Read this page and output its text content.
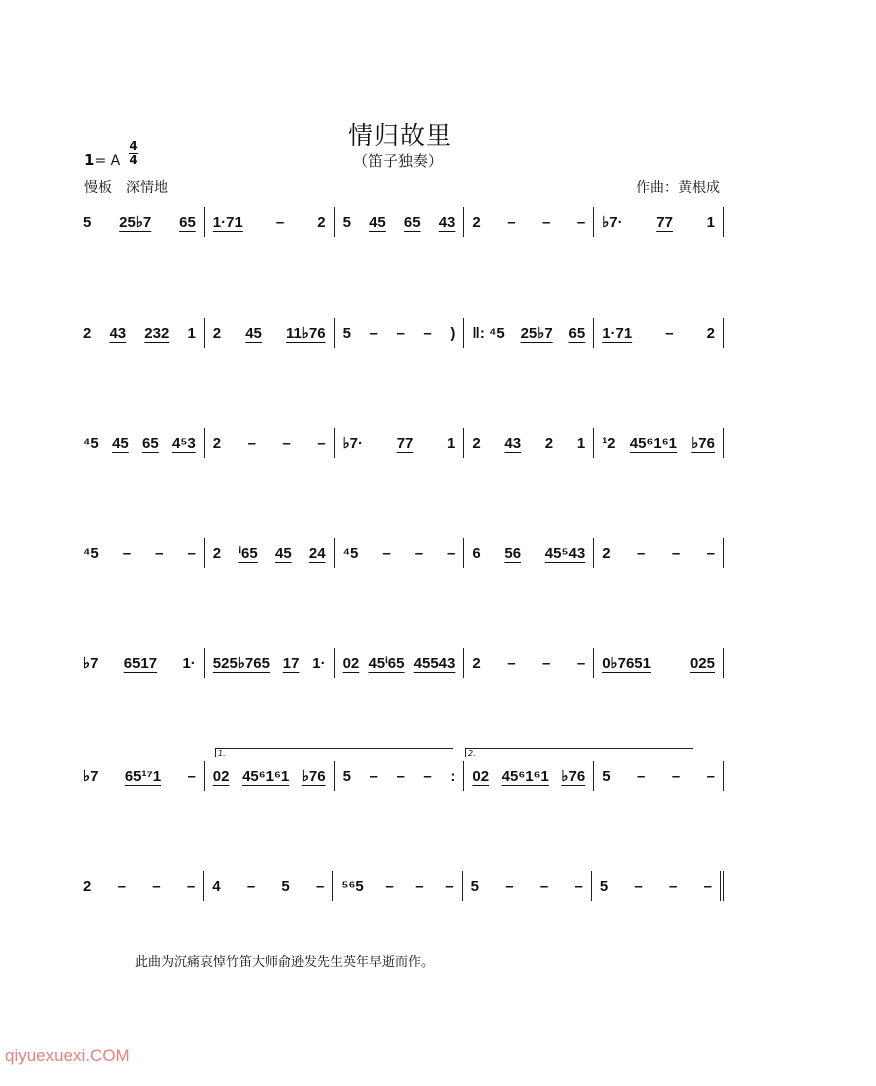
情归故里
（笛子独奏）
1= A
4
4
慢板　深情地	作曲：黄根成
5 25♭7 65 1·71 – 2 5 45 65 43 2 – – – ♭7· 77 1
2 43 232 1 2 45 11♭76 5 – – – ) ‖: ⁴5 25♭7 65 1·71 – 2
⁴5 45 65 4⁵3 2 – – – ♭7· 77 1 2 43 2 1 ¹2 45⁶1⁶1 ♭76
⁴5 – – – 2 ⁱ65 45 24 ⁴5 – – – 6 56 45⁵43 2 – – –
♭7 6517 1· 525♭765 17 1· 02 45ⁱ65 45543 2 – – – 0♭7651	025
♭7 65¹⁷1 – 02 45⁶1⁶1 ♭76 5 – – – : 02 45⁶1⁶1 ♭76 5 – – –
2 – – – 4 – 5 – ⁵⁶5 – – – 5 – – – 5 – – –
1.	2.
此曲为沉痛哀悼竹笛大师俞逊发先生英年早逝而作。
qiyuexuexi.COM
